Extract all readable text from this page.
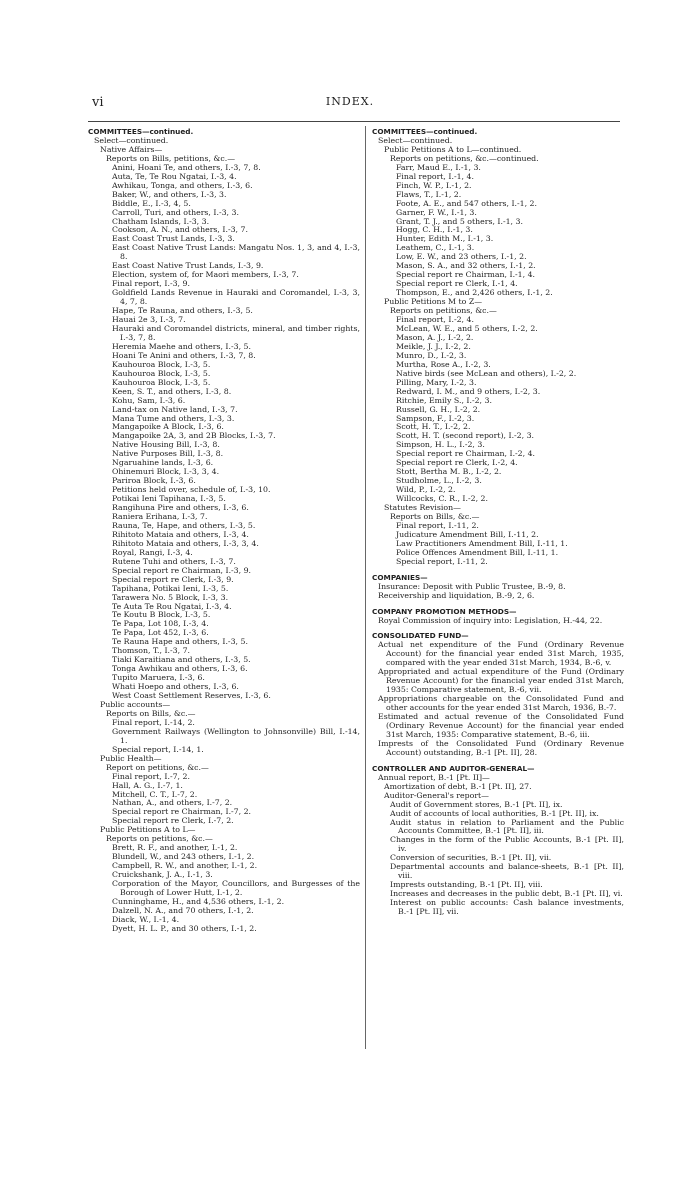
vi	INDEX.
COMMITTEES—continued.
Select—continued.
Native Affairs—
Reports on Bills, petitions, &c.—
Anini, Hoani Te, and others, I.-3, 7, 8.
Auta, Te, Te Rou Ngatai, I.-3, 4.
Awhikau, Tonga, and others, I.-3, 6.
Baker, W., and others, I.-3, 3.
Biddle, E., I.-3, 4, 5.
Carroll, Turi, and others, I.-3, 3.
Chatham Islands, I.-3, 3.
Cookson, A. N., and others, I.-3, 7.
East Coast Trust Lands, I.-3, 3.
East Coast Native Trust Lands: Mangatu Nos. 1, 3, and 4, I.-3, 8.
East Coast Native Trust Lands, I.-3, 9.
Election, system of, for Maori members, I.-3, 7.
Final report, I.-3, 9.
Goldfield Lands Revenue in Hauraki and Coromandel, I.-3, 3, 4, 7, 8.
Hape, Te Rauna, and others, I.-3, 5.
Hauai 2e 3, I.-3, 7.
Hauraki and Coromandel districts, mineral, and timber rights, I.-3, 7, 8.
Heremia Maehe and others, I.-3, 5.
Hoani Te Anini and others, I.-3, 7, 8.
Kauhouroa Block, I.-3, 5.
Kauhouroa Block, I.-3, 5.
Kauhouroa Block, I.-3, 5.
Keen, S. T., and others, I.-3, 8.
Kohu, Sam, I.-3, 6.
Land-tax on Native land, I.-3, 7.
Mana Tume and others, I.-3, 3.
Mangapoike A Block, I.-3, 6.
Mangapoike 2A, 3, and 2B Blocks, I.-3, 7.
Native Housing Bill, I.-3, 8.
Native Purposes Bill, I.-3, 8.
Ngaruahine lands, I.-3, 6.
Ohinemuri Block, I.-3, 3, 4.
Pariroa Block, I.-3, 6.
Petitions held over, schedule of, I.-3, 10.
Potikai Ieni Tapihana, I.-3, 5.
Rangihuna Pire and others, I.-3, 6.
Raniera Erihana, I.-3, 7.
Rauna, Te, Hape, and others, I.-3, 5.
Rihitoto Mataia and others, I.-3, 4.
Rihitoto Mataia and others, I.-3, 3, 4.
Royal, Rangi, I.-3, 4.
Rutene Tuhi and others, I.-3, 7.
Special report re Chairman, I.-3, 9.
Special report re Clerk, I.-3, 9.
Tapihana, Potikai Ieni, I.-3, 5.
Tarawera No. 5 Block, I.-3, 3.
Te Auta Te Rou Ngatai, I.-3, 4.
Te Koutu B Block, I.-3, 5.
Te Papa, Lot 108, I.-3, 4.
Te Papa, Lot 452, I.-3, 6.
Te Rauna Hape and others, I.-3, 5.
Thomson, T., I.-3, 7.
Tiaki Karaitiana and others, I.-3, 5.
Tonga Awhikau and others, I.-3, 6.
Tupito Maruera, I.-3, 6.
Whati Hoepo and others, I.-3, 6.
West Coast Settlement Reserves, I.-3, 6.
Public accounts—
Reports on Bills, &c.—
Final report, I.-14, 2.
Government Railways (Wellington to Johnsonville) Bill, I.-14, 1.
Special report, I.-14, 1.
Public Health—
Report on petitions, &c.—
Final report, I.-7, 2.
Hall, A. G., I.-7, 1.
Mitchell, C. T., I.-7, 2.
Nathan, A., and others, I.-7, 2.
Special report re Chairman, I.-7, 2.
Special report re Clerk, I.-7, 2.
Public Petitions A to L—
Reports on petitions, &c.—
Brett, R. F., and another, I.-1, 2.
Blundell, W., and 243 others, I.-1, 2.
Campbell, R. W., and another, I.-1, 2.
Cruickshank, J. A., I.-1, 3.
Corporation of the Mayor, Councillors, and Burgesses of the Borough of Lower Hutt, I.-1, 2.
Cunninghame, H., and 4,536 others, I.-1, 2.
Dalzell, N. A., and 70 others, I.-1, 2.
Diack, W., I.-1, 4.
Dyett, H. L. P., and 30 others, I.-1, 2.
COMMITTEES—continued.
Select—continued.
Public Petitions A to L—continued.
Reports on petitions, &c.—continued.
Farr, Maud E., I.-1, 3.
Final report, I.-1, 4.
Finch, W. P., I.-1, 2.
Flaws, T., I.-1, 2.
Foote, A. E., and 547 others, I.-1, 2.
Garner, F. W., I.-1, 3.
Grant, T. J., and 5 others, I.-1, 3.
Hogg, C. H., I.-1, 3.
Hunter, Edith M., I.-1, 3.
Leathem, C., I.-1, 3.
Low, E. W., and 23 others, I.-1, 2.
Mason, S. A., and 32 others, I.-1, 2.
Special report re Chairman, I.-1, 4.
Special report re Clerk, I.-1, 4.
Thompson, E., and 2,426 others, I.-1, 2.
Public Petitions M to Z—
Reports on petitions, &c.—
Final report, I.-2, 4.
McLean, W. E., and 5 others, I.-2, 2.
Mason, A. J., I.-2, 2.
Meikle, J. J., I.-2, 2.
Munro, D., I.-2, 3.
Murtha, Rose A., I.-2, 3.
Native birds (see McLean and others), I.-2, 2.
Pilling, Mary, I.-2, 3.
Redward, I. M., and 9 others, I.-2, 3.
Ritchie, Emily S., I.-2, 3.
Russell, G. H., I.-2, 2.
Sampson, F., I.-2, 3.
Scott, H. T., I.-2, 2.
Scott, H. T. (second report), I.-2, 3.
Simpson, H. L., I.-2, 3.
Special report re Chairman, I.-2, 4.
Special report re Clerk, I.-2, 4.
Stott, Bertha M. B., I.-2, 2.
Studholme, L., I.-2, 3.
Wild, P., I.-2, 2.
Willcocks, C. R., I.-2, 2.
Statutes Revision—
Reports on Bills, &c.—
Final report, I.-11, 2.
Judicature Amendment Bill, I.-11, 2.
Law Practitioners Amendment Bill, I.-11, 1.
Police Offences Amendment Bill, I.-11, 1.
Special report, I.-11, 2.
COMPANIES—
Insurance: Deposit with Public Trustee, B.-9, 8.
Receivership and liquidation, B.-9, 2, 6.
COMPANY PROMOTION METHODS—
Royal Commission of inquiry into: Legislation, H.-44, 22.
CONSOLIDATED FUND—
Actual net expenditure of the Fund (Ordinary Revenue Account) for the financial year ended 31st March, 1935, compared with the year ended 31st March, 1934, B.-6, v.
Appropriated and actual expenditure of the Fund (Ordinary Revenue Account) for the financial year ended 31st March, 1935: Comparative statement, B.-6, vii.
Appropriations chargeable on the Consolidated Fund and other accounts for the year ended 31st March, 1936, B.-7.
Estimated and actual revenue of the Consolidated Fund (Ordinary Revenue Account) for the financial year ended 31st March, 1935: Comparative statement, B.-6, iii.
Imprests of the Consolidated Fund (Ordinary Revenue Account) outstanding, B.-1 [Pt. II], 28.
CONTROLLER AND AUDITOR-GENERAL—
Annual report, B.-1 [Pt. II]—
Amortization of debt, B.-1 [Pt. II], 27.
Auditor-General's report—
Audit of Government stores, B.-1 [Pt. II], ix.
Audit of accounts of local authorities, B.-1 [Pt. II], ix.
Audit status in relation to Parliament and the Public Accounts Committee, B.-1 [Pt. II], iii.
Changes in the form of the Public Accounts, B.-1 [Pt. II], iv.
Conversion of securities, B.-1 [Pt. II], vii.
Departmental accounts and balance-sheets, B.-1 [Pt. II], viii.
Imprests outstanding, B.-1 [Pt. II], viii.
Increases and decreases in the public debt, B.-1 [Pt. II], vi.
Interest on public accounts: Cash balance investments, B.-1 [Pt. II], vii.
